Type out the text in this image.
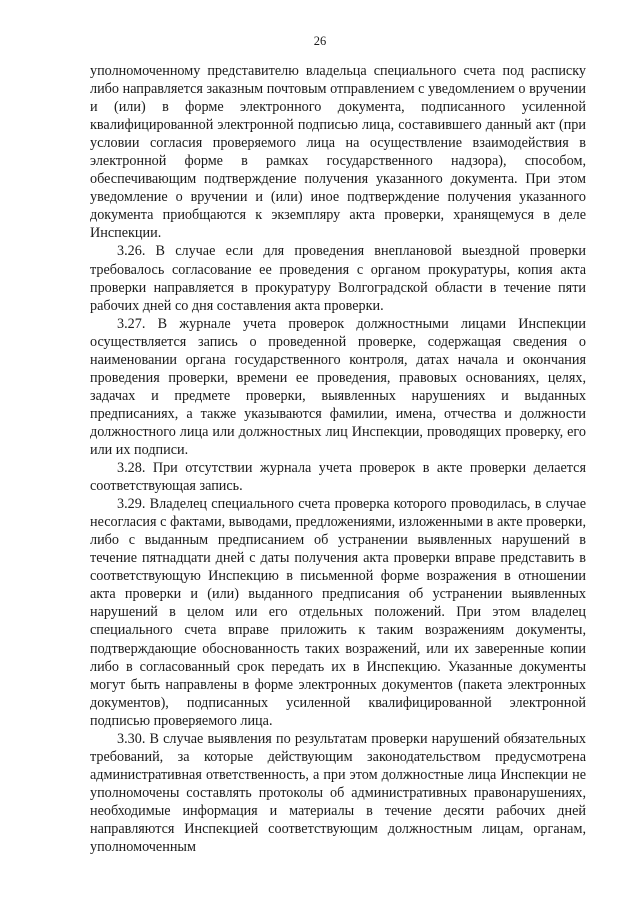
26

уполномоченному представителю владельца специального счета под расписку либо направляется заказным почтовым отправлением с уведомлением о вручении и (или) в форме электронного документа, подписанного усиленной квалифицированной электронной подписью лица, составившего данный акт (при условии согласия проверяемого лица на осуществление взаимодействия в электронной форме в рамках государственного надзора), способом, обеспечивающим подтверждение получения указанного документа. При этом уведомление о вручении и (или) иное подтверждение получения указанного документа приобщаются к экземпляру акта проверки, хранящемуся в деле Инспекции.

3.26. В случае если для проведения внеплановой выездной проверки требовалось согласование ее проведения с органом прокуратуры, копия акта проверки направляется в прокуратуру Волгоградской области в течение пяти рабочих дней со дня составления акта проверки.

3.27. В журнале учета проверок должностными лицами Инспекции осуществляется запись о проведенной проверке, содержащая сведения о наименовании органа государственного контроля, датах начала и окончания проведения проверки, времени ее проведения, правовых основаниях, целях, задачах и предмете проверки, выявленных нарушениях и выданных предписаниях, а также указываются фамилии, имена, отчества и должности должностного лица или должностных лиц Инспекции, проводящих проверку, его или их подписи.

3.28. При отсутствии журнала учета проверок в акте проверки делается соответствующая запись.

3.29. Владелец специального счета проверка которого проводилась, в случае несогласия с фактами, выводами, предложениями, изложенными в акте проверки, либо с выданным предписанием об устранении выявленных нарушений в течение пятнадцати дней с даты получения акта проверки вправе представить в соответствующую Инспекцию в письменной форме возражения в отношении акта проверки и (или) выданного предписания об устранении выявленных нарушений в целом или его отдельных положений. При этом владелец специального счета вправе приложить к таким возражениям документы, подтверждающие обоснованность таких возражений, или их заверенные копии либо в согласованный срок передать их в Инспекцию. Указанные документы могут быть направлены в форме электронных документов (пакета электронных документов), подписанных усиленной квалифицированной электронной подписью проверяемого лица.

3.30. В случае выявления по результатам проверки нарушений обязательных требований, за которые действующим законодательством предусмотрена административная ответственность, а при этом должностные лица Инспекции не уполномочены составлять протоколы об административных правонарушениях, необходимые информация и материалы в течение десяти рабочих дней направляются Инспекцией соответствующим должностным лицам, органам, уполномоченным
